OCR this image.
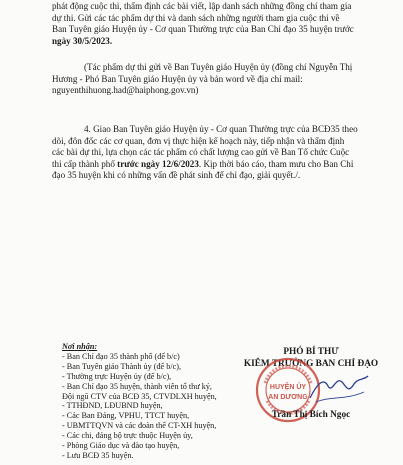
phát động cuộc thi, thẩm định các bài viết, lập danh sách những đồng chí tham gia
dự thi. Gửi các tác phẩm dự thi và danh sách những người tham gia cuộc thi về
Ban Tuyên giáo Huyện ủy - Cơ quan Thường trực của Ban Chỉ đạo 35 huyện trước
ngày 30/5/2023.
(Tác phẩm dự thi gửi về Ban Tuyên giáo Huyện ủy (đồng chí Nguyễn Thị
Hương - Phó Ban Tuyên giáo Huyện ủy và bản word về địa chỉ mail:
nguyenthihuong.had@haiphong.gov.vn)
4. Giao Ban Tuyên giáo Huyện ủy - Cơ quan Thường trực của BCĐ35 theo
dõi, đôn đốc các cơ quan, đơn vị thực hiện kế hoạch này, tiếp nhận và thẩm định
các bài dự thi, lựa chọn các tác phẩm có chất lượng cao gửi về Ban Tổ chức Cuộc
thi cấp thành phố trước ngày 12/6/2023. Kịp thời báo cáo, tham mưu cho Ban Chỉ
đạo 35 huyện khi có những vấn đề phát sinh để chỉ đạo, giải quyết./.
Nơi nhận:
- Ban Chỉ đạo 35 thành phố (để b/c)
- Ban Tuyên giáo Thành ủy (để b/c),
- Thường trực Huyện ủy (để b/c),
- Ban Chỉ đạo 35 huyện, thành viên tổ thư ký,
Đội ngũ CTV của BCĐ 35, CTVDLXH huyện,
- TTHĐND, LĐUBND huyện,
- Các Ban Đảng, VPHU, TTCT huyện,
- UBMTTQVN và các đoàn thể CT-XH huyện,
- Các chi, đảng bộ trực thuộc Huyện ủy,
- Phòng Giáo dục và đào tạo huyện,
- Lưu BCĐ 35 huyện.

PHÓ BÍ THƯ

KIÊM TRƯỞNG BAN CHỈ ĐẠO

HUYỆN ỦY
AN DƯƠNG
Trần Thị Bích Ngọc
